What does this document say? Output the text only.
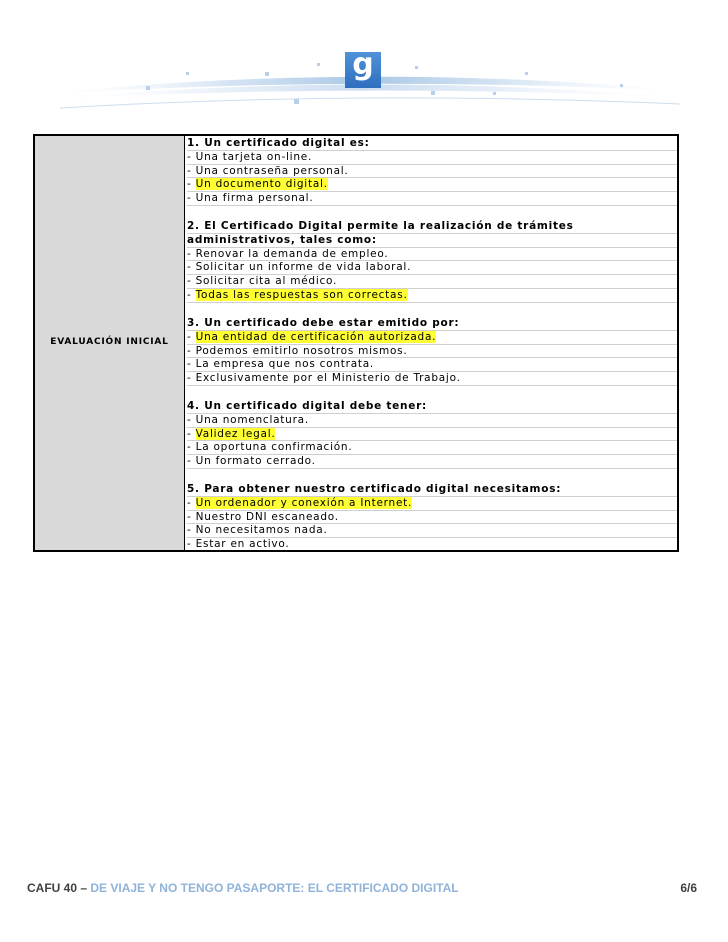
g
EVALUACIÓN INICIAL
1. Un certificado digital es:
- Una tarjeta on-line.
- Una contraseña personal.
- Un documento digital.
- Una firma personal.
2. El Certificado Digital permite la realización de trámites
administrativos, tales como:
- Renovar la demanda de empleo.
- Solicitar un informe de vida laboral.
- Solicitar cita al médico.
- Todas las respuestas son correctas.
3. Un certificado debe estar emitido por:
- Una entidad de certificación autorizada.
- Podemos emitirlo nosotros mismos.
- La empresa que nos contrata.
- Exclusivamente por el Ministerio de Trabajo.
4. Un certificado digital debe tener:
- Una nomenclatura.
- Validez legal.
- La oportuna confirmación.
- Un formato cerrado.
5. Para obtener nuestro certificado digital necesitamos:
- Un ordenador y conexión a Internet.
- Nuestro DNI escaneado.
- No necesitamos nada.
- Estar en activo.
CAFU 40 – DE VIAJE Y NO TENGO PASAPORTE: EL CERTIFICADO DIGITAL	6/6
